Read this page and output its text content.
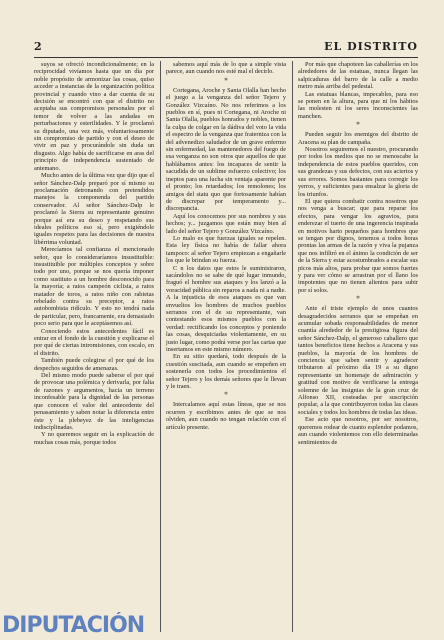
2	EL DISTRITO

suyos se ofreció incondicionalmente; en la reciprocidad vivíamos hasta que un día por noble propósito de armonizar las cosas, quiso acceder a instancias de la organización política provincial y cuando vino a dar cuenta de su decisión se encontró con que el distrito no aceptaba sus compromisos personales por el temor de volver a las andadas en perturbaciones y esterilidades. Y le proclamó su diputado, una vez más, voluntariosamente sin compromiso de partido y con el deseo de vivir en paz y procurándole sin duda un disgusto. Algo había de sacrificarse en aras del principio de independencia sustentado de antemano.

Mucho antes de la última vez que dijo que el señor Sánchez-Dalp preparó por sí mismo su proclamación detronando con pretendidos manejos la componenda del partido conservador. Al señor Sánchez-Dalp le proclamó la Sierra su representante genuino porque así era su deseo y respetando sus ideales políticos eso sí, pero exigiéndole iguales respetos para las decisiones de nuestra libérrima voluntad.

Merecíamos tal confianza el mencionado señor, que lo consideraríamos insustituible: insustituible por múltiples conceptos y sobre todo por uno, porque se nos quería imponer como sustituto a un hombre desconocido para la mayoría; a ratos campeón ciclista, a ratos matador de toros, a ratos niño con rabietas rebelado contra su preceptor, a ratos autobombista ridículo. Y esto no tendrá nada de particular, pero, francamente, era demasiado poco serio para que le aceptásemos así.

Conociendo estos antecedentes fácil es entrar en el fondo de la cuestión y explicarse el por qué de ciertas intromisiones, con escalo, en el distrito.

También puede colegirse el por qué de los despechos seguidos de amenazas.

Del mismo modo puede saberse el por qué de provocar una polémica y derivarla, por falta de razones y argumentos, hacia un terreno inconfesable para la dignidad de las personas que conocen el valor del antecedente del penasamiento y saben notar la diferencia entre éste y la plebeyez de las inteligencias indisciplinadas.

Y no queremos seguir en la explicación de muchas cosas más, porque todos

sabemos aquí más de lo que a simple vista parece, aun cuando nos esté mal el decirlo.

*

Cortegana, Aroche y Santa Olalla han hecho el juego a la venganza del señor Tejero y González Vizcaíno. No nos referimos a los pueblos en sí, pues ni Cortegana, ni Aroche ni Santa Olalla, pueblos honrados y nobles, tienen la culpa de colgar en la dádiva del voto la vida el espectro de la venganza que fraterniza con la del advenedizo saludador de un grave enfermo sin enfermedad, las mantenedores del fuego de esa venganza no son otros que aquellos de que hablábamos antes: los incapaces de sentir la sacudida de un sublime esfuerzo colectivo; los ineptos para una lucha sin ventaja aparente por el pronto; los retardados; los remolones; los amigos del statu quo que fortosamente habían de discrepar por temperamento y... discrepancia.

Aquí los conocemos por sus nombres y sus hechos; y... juzgamos que están muy bien al lado del señor Tejero y González Vizcaíno.

Lo malo es que fuerzas iguales se repelen. Esta ley física no había de fallar ahora tampoco: al señor Tejero empiezan a engañarle los que le brindan su fuerza.

C n los datos que estos le suministraron, sacándolos no se sabe de qué lugar inmundo, fraguó el hombre sus ataques y los lanzó a la voracidad pública sin reparos a nada ni a nadie. A la injusticia de esos ataques es que van envueltos los hombres de muchos pueblos serranos con el de su representante, van contestando esos mismos pueblos con la verdad: rectificando los conceptos y poniendo las cosas, desquiciadas violentamente, en su justo lugar, como podrá verse por las cartas que insertamos en este mismo número.

En su sitio quedará, todo después de la cuestión suscitada, aun cuando se empeñen en sostenerla con todos los procedimientos el señor Tejero y los demás señores que le llevan y le traen.

*

Intercalamos aquí estas líneas, que se nos ocurren y escribimos antes de que se nos olviden, aun cuando no tengan relación con el artículo presente.

Por más que chapoteen las caballerías en los alrededores de las estatuas, nunca llegan las salpicaduras del barro de la calle a medio metro más arriba del pedestal.

Las estatuas blancas, impecables, para eso se ponen en la altura, para que ni los hábitos las molesten ni los seres inconscientes las manchen.

*

Pueden seguir los enemigos del distrito de Aracena su plan de campaña.

Nosotros seguiremos el nuestro, procurando por todos los medios que no se menoscabe la independencia de estos pueblos queridos, con sus grandezas y sus defectos, con sus aciertos y sus errores. Somos bastantes para corregir los yerros, y suficientes para ensalzar la gloria de los triunfos.

El que quiera combatir contra nosotros que nos venga a buscar; que para reparar los efectos, para vengar los agravios, para enderezar el tuerto de una ingerencia inspirada en motivos harto pequeños para hombres que se tengan por dignos, tenemos a todos horas prontas las armas de la razón y viva la pujanza que nos infiltró en el ánimo la condición de ser de la Sierra y estar acostumbrados a escalar sus picos más altos, para probar que somos fuertes y para ver cómo se arrastran por el llano los impotentes que no tienen alientos para subir por sí solos.

*

Ante el triste ejemplo de unos cuantos desagradecidos serranos que se empeñan en acumular sobada responsabilidades de menor cuantía alrededor de la prestigiosa figura del señor Sánchez-Dalp, el generoso caballero que tantos beneficios tiene hechos a Aracena y sus pueblos, la mayoría de los hombres de conciencia que saben sentir y agradecer tributaron al próximo día 19 a su digno representante un homenaje de admiración y gratitud con motivo de verificarse la entrega solemne de las insignias de la gran cruz de Alfonso XII, costeadas por suscripción popular, a la que contribuyeron todas las clases sociales y todos los hombres de todas las ideas.

Ese acto que nosotros, por ser nosotros, queremos rodear de cuanto esplendor podamos, aun cuando violentemos con ello determinadas sentimientos de

DIPUTACIÓN
